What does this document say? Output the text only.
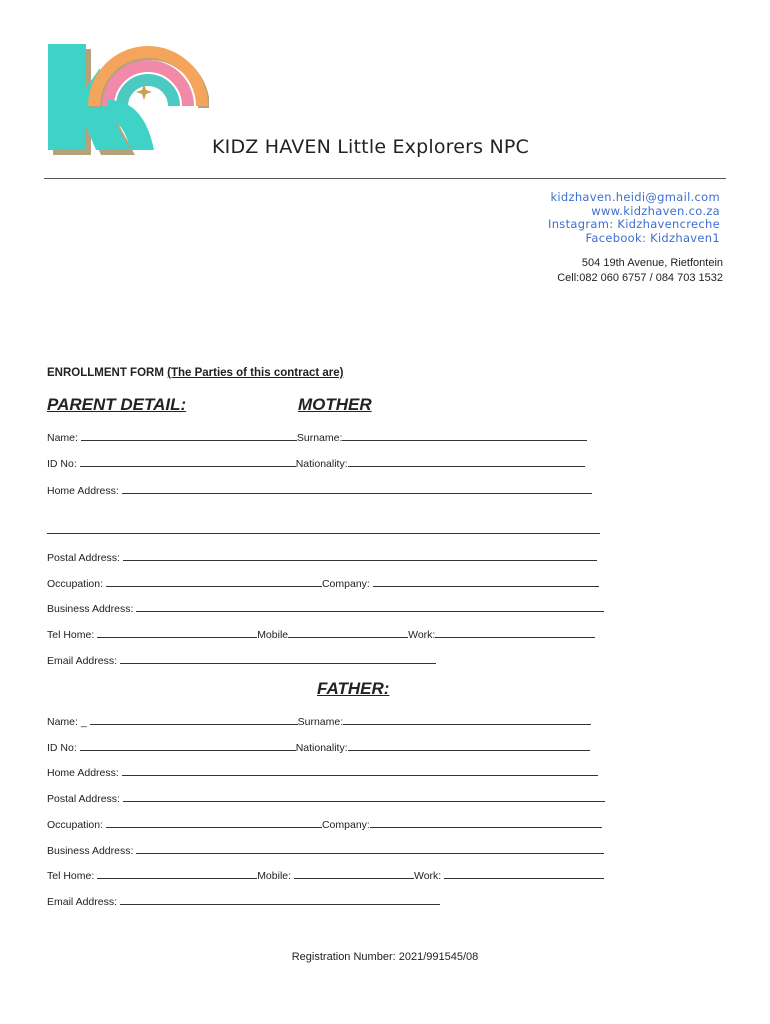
KIDZ HAVEN Little Explorers NPC
kidzhaven.heidi@gmail.com
www.kidzhaven.co.za
Instagram: Kidzhavencreche
Facebook: Kidzhaven1
504 19th Avenue, Rietfontein
Cell:082 060 6757 / 084 703 1532
ENROLLMENT FORM (The Parties of this contract are)
PARENT DETAIL:	MOTHER
Name:	Surname:
ID No:	Nationality:
Home Address:
Postal Address:
Occupation:	Company:
Business Address:
Tel Home:	Mobile	Work:
Email Address:
FATHER:
Name: _	Surname:
ID No:	Nationality:
Home Address:
Postal Address:
Occupation:	Company:
Business Address:
Tel Home:	Mobile:	Work:
Email Address:
Registration Number: 2021/991545/08
